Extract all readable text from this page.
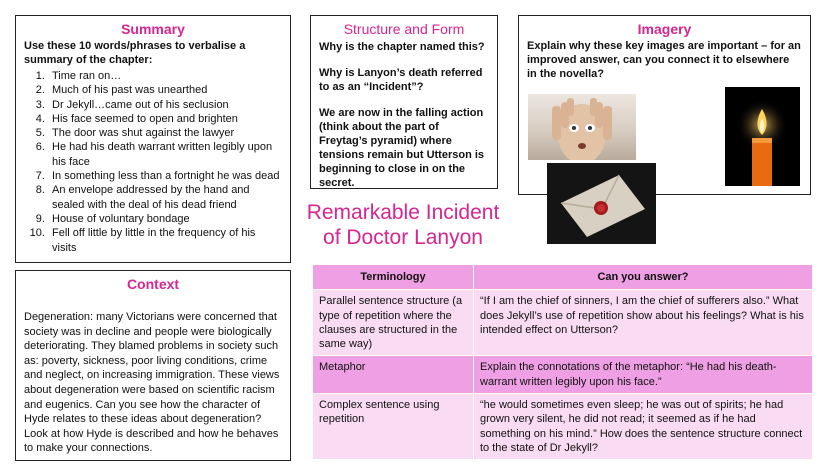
Summary
Use these 10 words/phrases to verbalise a summary of the chapter:
1. Time ran on…
2. Much of his past was unearthed
3. Dr Jekyll…came out of his seclusion
4. His face seemed to open and brighten
5. The door was shut against the lawyer
6. He had his death warrant written legibly upon his face
7. In something less than a fortnight he was dead
8. An envelope addressed by the hand and sealed with the deal of his dead friend
9. House of voluntary bondage
10. Fell off little by little in the frequency of his visits
Structure and Form

Why is the chapter named this?

Why is Lanyon’s death referred to as an “Incident”?

We are now in the falling action (think about the part of Freytag’s pyramid) where tensions remain but Utterson is beginning to close in on the secret.

Imagery
Explain why these key images are important – for an improved answer, can you connect it to elsewhere in the novella?
Remarkable Incident
of Doctor Lanyon
Context

Degeneration: many Victorians were concerned that society was in decline and people were biologically deteriorating. They blamed problems in society such as: poverty, sickness, poor living conditions, crime and neglect, on increasing immigration. These views about degeneration were based on scientific racism and eugenics. Can you see how the character of Hyde relates to these ideas about degeneration? Look at how Hyde is described and how he behaves to make your connections.

Terminology	Can you answer?
Parallel sentence structure (a type of repetition where the clauses are structured in the same way)	“If I am the chief of sinners, I am the chief of sufferers also.” What does Jekyll’s use of repetition show about his feelings? What is his intended effect on Utterson?
Metaphor	Explain the connotations of the metaphor: “He had his death-warrant written legibly upon his face.”
Complex sentence using repetition	“he would sometimes even sleep; he was out of spirits; he had grown very silent, he did not read; it seemed as if he had something on his mind.” How does the sentence structure connect to the state of Dr Jekyll?
